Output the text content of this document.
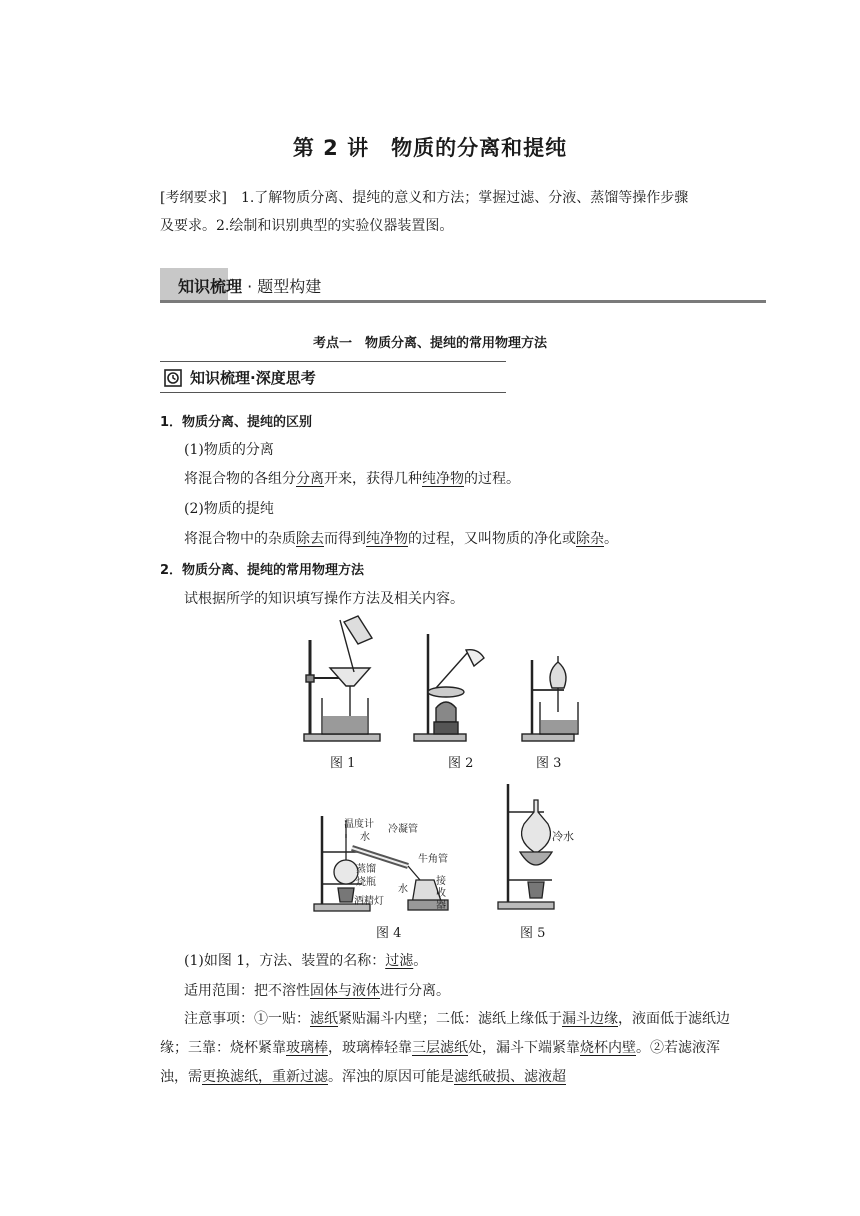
第 2 讲　物质的分离和提纯
[考纲要求]　 1.了解物质分离、提纯的意义和方法；掌握过滤、分液、蒸馏等操作步骤
及要求。2.绘制和识别典型的实验仪器装置图。
知识梳理 · 题型构建
考点一　物质分离、提纯的常用物理方法
知识梳理·深度思考
1．物质分离、提纯的区别
(1)物质的分离
将混合物的各组分分离开来，获得几种纯净物的过程。
(2)物质的提纯
将混合物中的杂质除去而得到纯净物的过程，又叫物质的净化或除杂。
2．物质分离、提纯的常用物理方法
试根据所学的知识填写操作方法及相关内容。
图 1	图 2	图 3
温度计
水
冷凝管
牛角管
蒸馏
烧瓶
酒精灯
水
接
收
器
冷水
图 4	图 5
(1)如图 1，方法、装置的名称：过滤。
适用范围：把不溶性固体与液体进行分离。
注意事项：①一贴：滤纸紧贴漏斗内壁；二低：滤纸上缘低于漏斗边缘，液面低于滤纸边缘；三靠：烧杯紧靠玻璃棒，玻璃棒轻靠三层滤纸处，漏斗下端紧靠烧杯内壁。②若滤液浑浊，需更换滤纸，重新过滤。浑浊的原因可能是滤纸破损、滤液超
